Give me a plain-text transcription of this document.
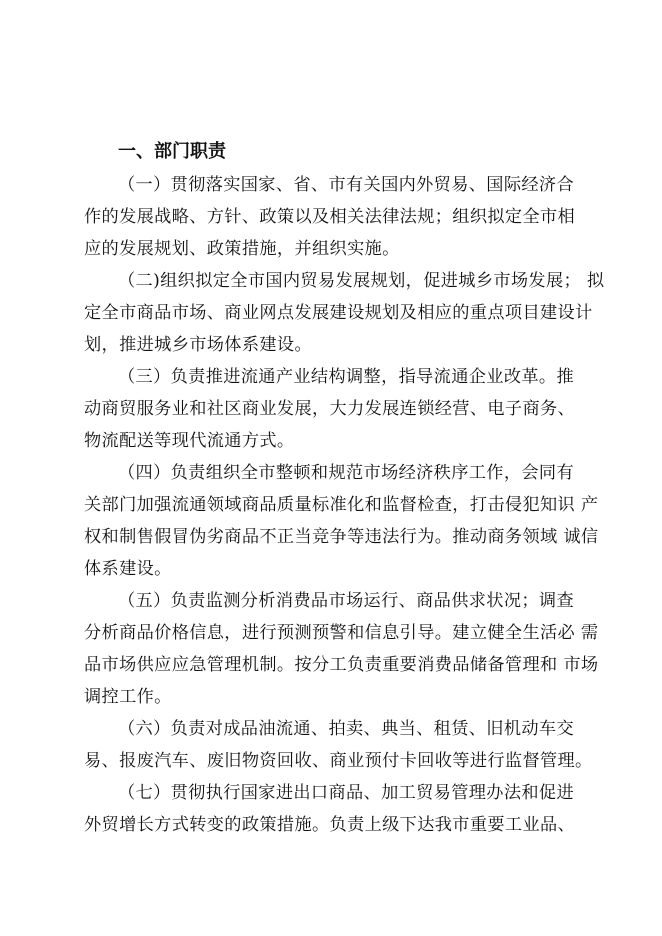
一、部门职责
（一）贯彻落实国家、省、市有关国内外贸易、国际经济合
作的发展战略、方针、政策以及相关法律法规；组织拟定全市相
应的发展规划、政策措施，并组织实施。
（二)组织拟定全市国内贸易发展规划，促进城乡市场发展； 拟
定全市商品市场、商业网点发展建设规划及相应的重点项目建设计
划，推进城乡市场体系建设。
（三）负责推进流通产业结构调整，指导流通企业改革。推
动商贸服务业和社区商业发展，大力发展连锁经营、电子商务、
物流配送等现代流通方式。
（四）负责组织全市整顿和规范市场经济秩序工作，会同有
关部门加强流通领域商品质量标准化和监督检查，打击侵犯知识 产
权和制售假冒伪劣商品不正当竞争等违法行为。推动商务领域 诚信
体系建设。
（五）负责监测分析消费品市场运行、商品供求状况；调查
分析商品价格信息，进行预测预警和信息引导。建立健全生活必 需
品市场供应应急管理机制。按分工负责重要消费品储备管理和 市场
调控工作。
（六）负责对成品油流通、拍卖、典当、租赁、旧机动车交
易、报废汽车、废旧物资回收、商业预付卡回收等进行监督管理。
（七）贯彻执行国家进出口商品、加工贸易管理办法和促进
外贸增长方式转变的政策措施。负责上级下达我市重要工业品、
